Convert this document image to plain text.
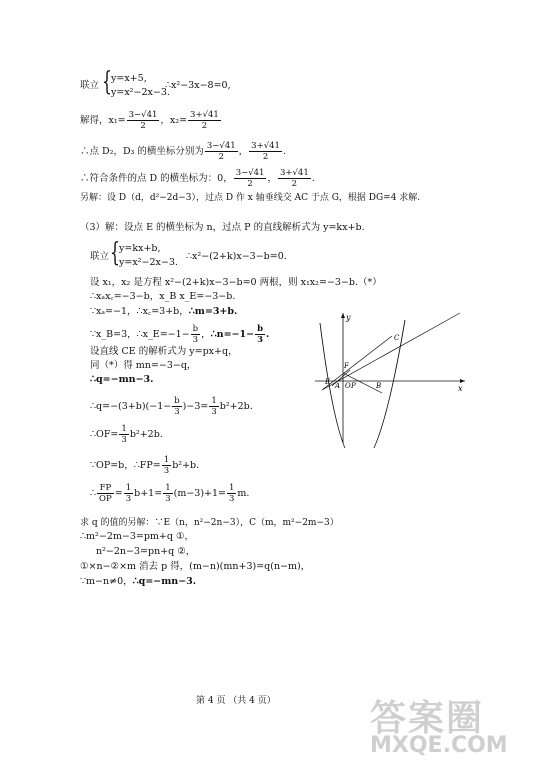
联立 { y=x+5,
y=x²−2x−3.
∴x²−3x−8=0,
解得，$x_1= \frac{3-√41}{2}$ ，$x_2= \frac{3+√41}{2}$
∴点 D₂，D₃ 的横坐标分别为 $\frac{3-√41}{2}$ ， $\frac{3+√41}{2}$ .
∴符合条件的点 D 的横坐标为：0， $\frac{3-√41}{2}$ ， $\frac{3+√41}{2}$ .
另解：设 D（d，d²−2d−3），过点 D 作 x 轴垂线交 AC 于点 G，根据 DG=4 求解.
（3）解：设点 E 的横坐标为 n，过点 P 的直线解析式为 y=kx+b.
联立 { y=kx+b,
y=x²−2x−3.
∴x²−(2+k)x−3−b=0.
设 x₁，x₂ 是方程 x²−(2+k)x−3−b=0 两根，则 x₁x₂=−3−b.（*）
∴xₐx꜀=−3−b，x_B x_E=−3−b.
∵xₐ=−1，∴x꜀=3+b，∴m=3+b.
∵x_B=3，∴x_E=−1− $\frac{b}{3}$ ，∴n=−1− $\frac{b}{3}$ .
设直线 CE 的解析式为 y=px+q，
同（*）得 mn=−3−q，
∴q=−mn−3.
∴q=−(3+b)(−1− $\frac{b}{3} )-3= \frac{1}{3} b^2+2b$.
∴OF= $\frac{1}{3} b^2+2b$.
∵OP=b，∴FP= $\frac{1}{3} b^2+b$.
∴ $\frac{FP}{OP} = \frac{1}{3} b+1= \frac{1}{3} (m-3)+1= \frac{1}{3} m$.
求 q 的值的另解：∵E（n，n²−2n−3），C（m，m²−2m−3）
∴m²−2m−3=pm+q ①，
n²−2n−3=pn+q ②，
①×n−②×m 消去 p 得，(m−n)(mn+3)=q(n−m)，
∵m−n≠0，∴q=−mn−3.
y
x
C
F
E	P
A O	B
第 4 页 （共 4 页）	答案圈
MXQE.COM
